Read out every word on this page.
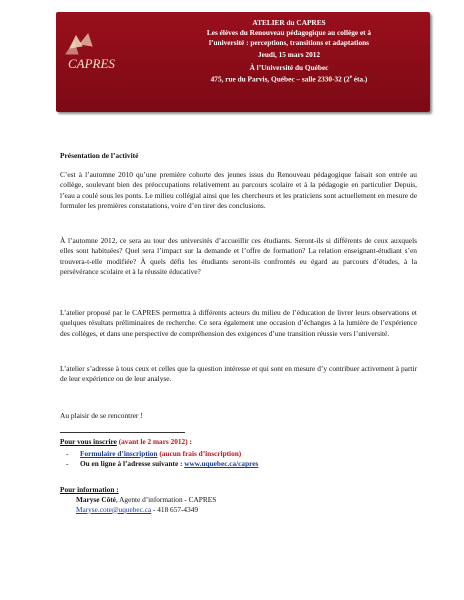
CAPRES
ATELIER du CAPRES
Les élèves du Renouveau pédagogique au collège et à
l’université : perceptions, transitions et adaptations
Jeudi, 15 mars 2012
À l’Université du Québec
475, rue du Parvis, Québec – salle 2330-32 (2e éta.)
Présentation de l’activité
C’est à l’automne 2010 qu’une première cohorte des jeunes issus du Renouveau pédagogique faisait son entrée au collège, soulevant bien des préoccupations relativement au parcours scolaire et à la pédagogie en particulier Depuis, l’eau a coulé sous les ponts. Le milieu collégial ainsi que les chercheurs et les praticiens sont actuellement en mesure de formuler les premières constatations, voire d’en tirer des conclusions.
À l’automne 2012, ce sera au tour des universités d’accueillir ces étudiants. Seront-ils si différents de ceux auxquels elles sont habituées? Quel sera l’impact sur la demande et l’offre de formation? La relation enseignant-étudiant s’en trouvera-t-elle modifiée? À quels défis les étudiants seront-ils confrontés eu égard au parcours d’études, à la persévérance scolaire et à la réussite éducative?
L’atelier proposé par le CAPRES permettra à différents acteurs du milieu de l’éducation de livrer leurs observations et quelques résultats préliminaires de recherche. Ce sera également une occasion d’échanges à la lumière de l’expérience des collèges, et dans une perspective de compréhension des exigences d’une transition réussie vers l’université.
L’atelier s’adresse à tous ceux et celles que la question intéresse et qui sont en mesure d’y contribuer activement à partir de leur expérience ou de leur analyse.
Au plaisir de se rencontrer !
Pour vous inscrire (avant le 2 mars 2012) :
-	Formulaire d’inscription (aucun frais d’inscription)
-	Ou en ligne à l’adresse suivante : www.uquebec.ca/capres
Pour information :
Maryse Côté, Agente d’information - CAPRES
Maryse.cote@uquebec.ca - 418 657-4349
